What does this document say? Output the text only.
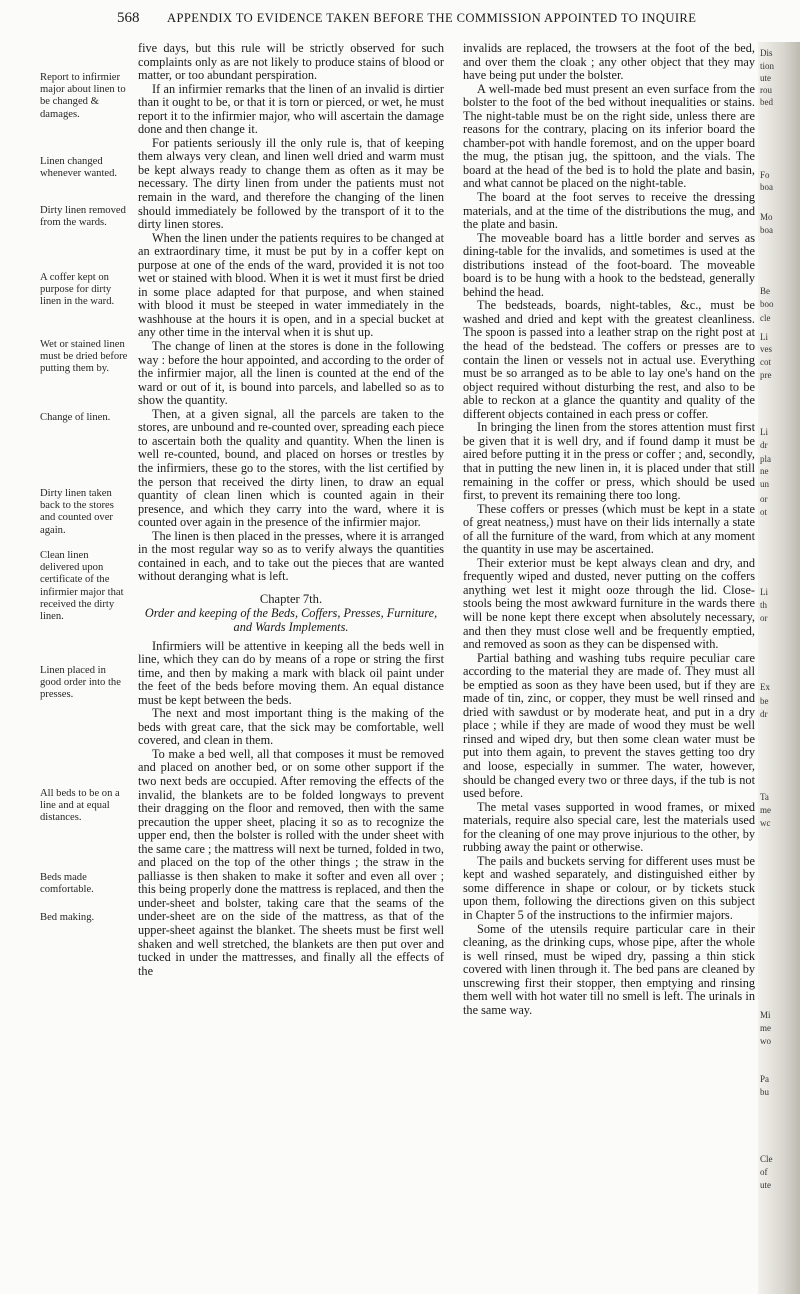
568 APPENDIX TO EVIDENCE TAKEN BEFORE THE COMMISSION APPOINTED TO INQUIRE
Report to infirmier major about linen to be changed & damages.
Linen changed whenever wanted.
Dirty linen removed from the wards.
A coffer kept on purpose for dirty linen in the ward.
Wet or stained linen must be dried before putting them by.
Change of linen.
Dirty linen taken back to the stores and counted over again.
Clean linen delivered upon certificate of the infirmier major that received the dirty linen.
Linen placed in good order into the presses.
All beds to be on a line and at equal distances.
Beds made comfortable.
Bed making.

five days, but this rule will be strictly observed for such complaints only as are not likely to produce stains of blood or matter, or too abundant perspiration.

If an infirmier remarks that the linen of an invalid is dirtier than it ought to be, or that it is torn or pierced, or wet, he must report it to the infirmier major, who will ascertain the damage done and then change it.

For patients seriously ill the only rule is, that of keeping them always very clean, and linen well dried and warm must be kept always ready to change them as often as it may be necessary. The dirty linen from under the patients must not remain in the ward, and therefore the changing of the linen should immediately be followed by the transport of it to the dirty linen stores.

When the linen under the patients requires to be changed at an extraordinary time, it must be put by in a coffer kept on purpose at one of the ends of the ward, provided it is not too wet or stained with blood. When it is wet it must first be dried in some place adapted for that purpose, and when stained with blood it must be steeped in water immediately in the washhouse at the hours it is open, and in a special bucket at any other time in the interval when it is shut up.

The change of linen at the stores is done in the following way : before the hour appointed, and according to the order of the infirmier major, all the linen is counted at the end of the ward or out of it, is bound into parcels, and labelled so as to show the quantity.

Then, at a given signal, all the parcels are taken to the stores, are unbound and re-counted over, spreading each piece to ascertain both the quality and quantity. When the linen is well re-counted, bound, and placed on horses or trestles by the infirmiers, these go to the stores, with the list certified by the person that received the dirty linen, to draw an equal quantity of clean linen which is counted again in their presence, and which they carry into the ward, where it is counted over again in the presence of the infirmier major.

The linen is then placed in the presses, where it is arranged in the most regular way so as to verify always the quantities contained in each, and to take out the pieces that are wanted without deranging what is left.

Chapter 7th.
Order and keeping of the Beds, Coffers, Presses, Furniture, and Wards Implements.

Infirmiers will be attentive in keeping all the beds well in line, which they can do by means of a rope or string the first time, and then by making a mark with black oil paint under the feet of the beds before moving them. An equal distance must be kept between the beds.

The next and most important thing is the making of the beds with great care, that the sick may be comfortable, well covered, and clean in them.

To make a bed well, all that composes it must be removed and placed on another bed, or on some other support if the two next beds are occupied. After removing the effects of the invalid, the blankets are to be folded longways to prevent their dragging on the floor and removed, then with the same precaution the upper sheet, placing it so as to recognize the upper end, then the bolster is rolled with the under sheet with the same care ; the mattress will next be turned, folded in two, and placed on the top of the other things ; the straw in the palliasse is then shaken to make it softer and even all over ; this being properly done the mattress is replaced, and then the under-sheet and bolster, taking care that the seams of the under-sheet are on the side of the mattress, as that of the upper-sheet against the blanket. The sheets must be first well shaken and well stretched, the blankets are then put over and tucked in under the mattresses, and finally all the effects of the

invalids are replaced, the trowsers at the foot of the bed, and over them the cloak ; any other object that they may have being put under the bolster.

A well-made bed must present an even surface from the bolster to the foot of the bed without inequalities or stains. The night-table must be on the right side, unless there are reasons for the contrary, placing on its inferior board the chamber-pot with handle foremost, and on the upper board the mug, the ptisan jug, the spittoon, and the vials. The board at the head of the bed is to hold the plate and basin, and what cannot be placed on the night-table.

The board at the foot serves to receive the dressing materials, and at the time of the distributions the mug, and the plate and basin.

The moveable board has a little border and serves as dining-table for the invalids, and sometimes is used at the distributions instead of the foot-board. The moveable board is to be hung with a hook to the bedstead, generally behind the head.

The bedsteads, boards, night-tables, &c., must be washed and dried and kept with the greatest cleanliness. The spoon is passed into a leather strap on the right post at the head of the bedstead. The coffers or presses are to contain the linen or vessels not in actual use. Everything must be so arranged as to be able to lay one's hand on the object required without disturbing the rest, and also to be able to reckon at a glance the quantity and quality of the different objects contained in each press or coffer.

In bringing the linen from the stores attention must first be given that it is well dry, and if found damp it must be aired before putting it in the press or coffer ; and, secondly, that in putting the new linen in, it is placed under that still remaining in the coffer or press, which should be used first, to prevent its remaining there too long.

These coffers or presses (which must be kept in a state of great neatness,) must have on their lids internally a state of all the furniture of the ward, from which at any moment the quantity in use may be ascertained.

Their exterior must be kept always clean and dry, and frequently wiped and dusted, never putting on the coffers anything wet lest it might ooze through the lid. Close-stools being the most awkward furniture in the wards there will be none kept there except when absolutely necessary, and then they must close well and be frequently emptied, and removed as soon as they can be dispensed with.

Partial bathing and washing tubs require peculiar care according to the material they are made of. They must all be emptied as soon as they have been used, but if they are made of tin, zinc, or copper, they must be well rinsed and dried with sawdust or by moderate heat, and put in a dry place ; while if they are made of wood they must be well rinsed and wiped dry, but then some clean water must be put into them again, to prevent the staves getting too dry and loose, especially in summer. The water, however, should be changed every two or three days, if the tub is not used before.

The metal vases supported in wood frames, or mixed materials, require also special care, lest the materials used for the cleaning of one may prove injurious to the other, by rubbing away the paint or otherwise.

The pails and buckets serving for different uses must be kept and washed separately, and distinguished either by some difference in shape or colour, or by tickets stuck upon them, following the directions given on this subject in Chapter 5 of the instructions to the infirmier majors.

Some of the utensils require particular care in their cleaning, as the drinking cups, whose pipe, after the whole is well rinsed, must be wiped dry, passing a thin stick covered with linen through it. The bed pans are cleaned by unscrewing first their stopper, then emptying and rinsing them well with hot water till no smell is left. The urinals in the same way.

Dis
tion
ute
rou
bed
Fo
boa
Mo
boa
Be
boo
cle
Li
ves
cot
pre
Li
dr
pla
ne
un
or
ot
Li
th
or
Ex
be
dr
Ta
me
wc
Mi
me
wo
Pa
bu
Cle
of
ute
